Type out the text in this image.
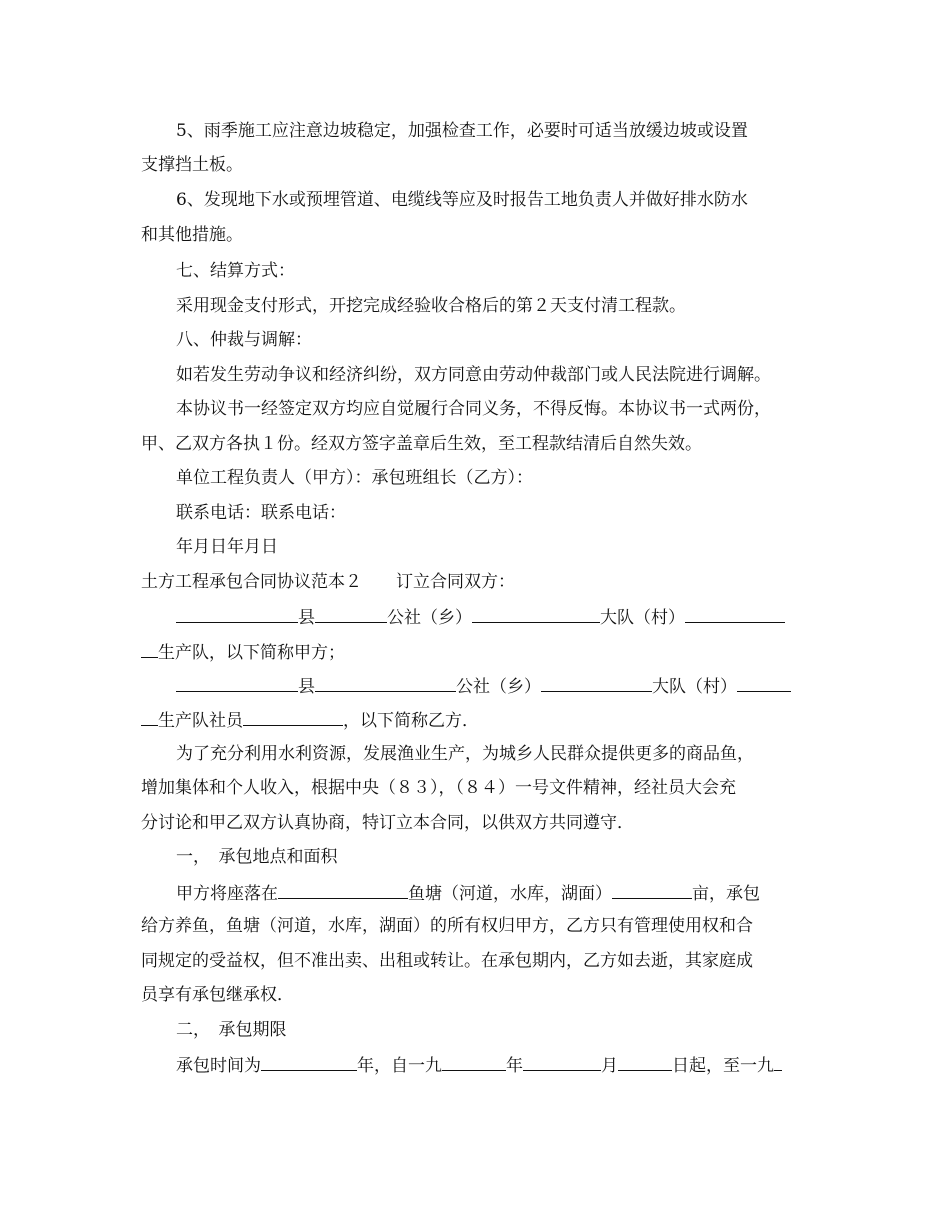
5、雨季施工应注意边坡稳定，加强检查工作，必要时可适当放缓边坡或设置

支撑挡土板。

6、发现地下水或预埋管道、电缆线等应及时报告工地负责人并做好排水防水

和其他措施。

七、结算方式：

采用现金支付形式，开挖完成经验收合格后的第２天支付清工程款。

八、仲裁与调解：

如若发生劳动争议和经济纠纷，双方同意由劳动仲裁部门或人民法院进行调解。

本协议书一经签定双方均应自觉履行合同义务，不得反悔。本协议书一式两份，

甲、乙双方各执１份。经双方签字盖章后生效，至工程款结清后自然失效。

单位工程负责人（甲方）：承包班组长（乙方）：

联系电话：联系电话：

年月日年月日

土方工程承包合同协议范本２　　订立合同双方：

县	公社（乡）	大队（村）
生产队，以下简称甲方；
县	公社（乡）	大队（村）
生产队社员	，以下简称乙方．

为了充分利用水利资源，发展渔业生产，为城乡人民群众提供更多的商品鱼，

增加集体和个人收入，根据中央（８３），（８４）一号文件精神，经社员大会充

分讨论和甲乙双方认真协商，特订立本合同，以供双方共同遵守．

一，　承包地点和面积

甲方将座落在	鱼塘（河道，水库，湖面）	亩，承包

给方养鱼，鱼塘（河道，水库，湖面）的所有权归甲方，乙方只有管理使用权和合

同规定的受益权，但不准出卖、出租或转让。在承包期内，乙方如去逝，其家庭成

员享有承包继承权．

二，　承包期限

承包时间为	年，自一九	年	月	日起，至一九
